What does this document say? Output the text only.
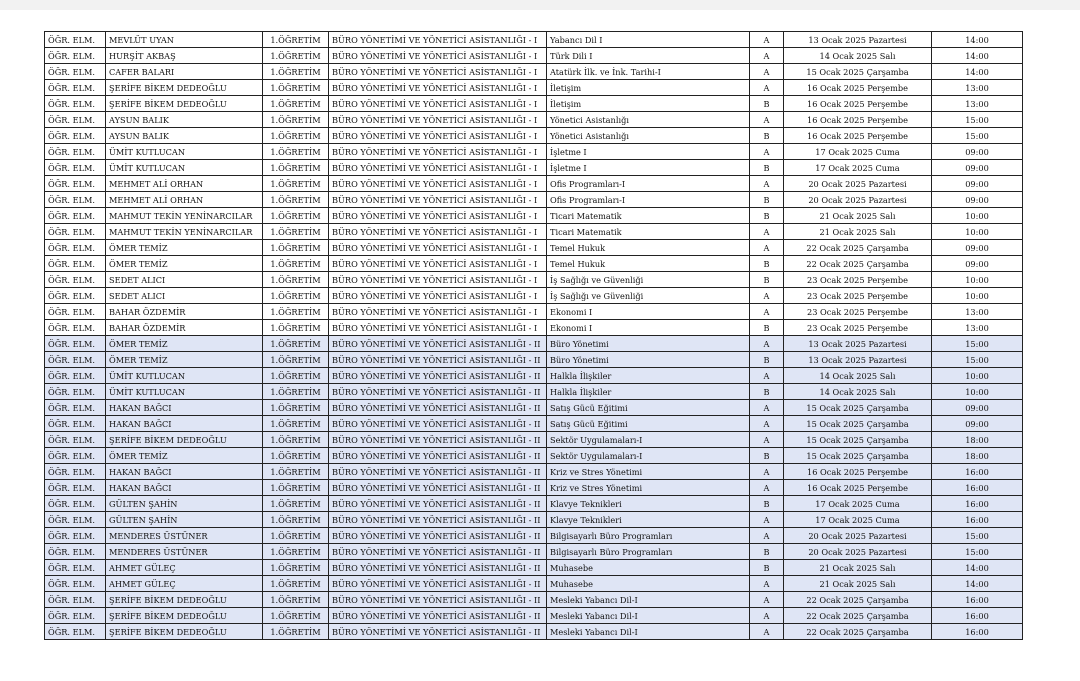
ÖĞR. ELM.	MEVLÜT UYAN	1.ÖĞRETİM	BÜRO YÖNETİMİ VE YÖNETİCİ ASİSTANLIĞI - I	Yabancı Dil I	A	13 Ocak 2025 Pazartesi	14:00
ÖĞR. ELM.	HURŞİT AKBAŞ	1.ÖĞRETİM	BÜRO YÖNETİMİ VE YÖNETİCİ ASİSTANLIĞI - I	Türk Dili I	A	14 Ocak 2025 Salı	14:00
ÖĞR. ELM.	CAFER BALARI	1.ÖĞRETİM	BÜRO YÖNETİMİ VE YÖNETİCİ ASİSTANLIĞI - I	Atatürk İlk. ve İnk. Tarihi-I	A	15 Ocak 2025 Çarşamba	14:00
ÖĞR. ELM.	ŞERİFE BİKEM DEDEOĞLU	1.ÖĞRETİM	BÜRO YÖNETİMİ VE YÖNETİCİ ASİSTANLIĞI - I	İletişim	A	16 Ocak 2025 Perşembe	13:00
ÖĞR. ELM.	ŞERİFE BİKEM DEDEOĞLU	1.ÖĞRETİM	BÜRO YÖNETİMİ VE YÖNETİCİ ASİSTANLIĞI - I	İletişim	B	16 Ocak 2025 Perşembe	13:00
ÖĞR. ELM.	AYSUN BALIK	1.ÖĞRETİM	BÜRO YÖNETİMİ VE YÖNETİCİ ASİSTANLIĞI - I	Yönetici Asistanlığı	A	16 Ocak 2025 Perşembe	15:00
ÖĞR. ELM.	AYSUN BALIK	1.ÖĞRETİM	BÜRO YÖNETİMİ VE YÖNETİCİ ASİSTANLIĞI - I	Yönetici Asistanlığı	B	16 Ocak 2025 Perşembe	15:00
ÖĞR. ELM.	ÜMİT KUTLUCAN	1.ÖĞRETİM	BÜRO YÖNETİMİ VE YÖNETİCİ ASİSTANLIĞI - I	İşletme I	A	17 Ocak 2025 Cuma	09:00
ÖĞR. ELM.	ÜMİT KUTLUCAN	1.ÖĞRETİM	BÜRO YÖNETİMİ VE YÖNETİCİ ASİSTANLIĞI - I	İşletme I	B	17 Ocak 2025 Cuma	09:00
ÖĞR. ELM.	MEHMET ALİ ORHAN	1.ÖĞRETİM	BÜRO YÖNETİMİ VE YÖNETİCİ ASİSTANLIĞI - I	Ofis Programları-I	A	20 Ocak 2025 Pazartesi	09:00
ÖĞR. ELM.	MEHMET ALİ ORHAN	1.ÖĞRETİM	BÜRO YÖNETİMİ VE YÖNETİCİ ASİSTANLIĞI - I	Ofis Programları-I	B	20 Ocak 2025 Pazartesi	09:00
ÖĞR. ELM.	MAHMUT TEKİN YENİNARCILAR	1.ÖĞRETİM	BÜRO YÖNETİMİ VE YÖNETİCİ ASİSTANLIĞI - I	Ticari Matematik	B	21 Ocak 2025 Salı	10:00
ÖĞR. ELM.	MAHMUT TEKİN YENİNARCILAR	1.ÖĞRETİM	BÜRO YÖNETİMİ VE YÖNETİCİ ASİSTANLIĞI - I	Ticari Matematik	A	21 Ocak 2025 Salı	10:00
ÖĞR. ELM.	ÖMER TEMİZ	1.ÖĞRETİM	BÜRO YÖNETİMİ VE YÖNETİCİ ASİSTANLIĞI - I	Temel Hukuk	A	22 Ocak 2025 Çarşamba	09:00
ÖĞR. ELM.	ÖMER TEMİZ	1.ÖĞRETİM	BÜRO YÖNETİMİ VE YÖNETİCİ ASİSTANLIĞI - I	Temel Hukuk	B	22 Ocak 2025 Çarşamba	09:00
ÖĞR. ELM.	SEDET ALICI	1.ÖĞRETİM	BÜRO YÖNETİMİ VE YÖNETİCİ ASİSTANLIĞI - I	İş Sağlığı ve Güvenliği	B	23 Ocak 2025 Perşembe	10:00
ÖĞR. ELM.	SEDET ALICI	1.ÖĞRETİM	BÜRO YÖNETİMİ VE YÖNETİCİ ASİSTANLIĞI - I	İş Sağlığı ve Güvenliği	A	23 Ocak 2025 Perşembe	10:00
ÖĞR. ELM.	BAHAR ÖZDEMİR	1.ÖĞRETİM	BÜRO YÖNETİMİ VE YÖNETİCİ ASİSTANLIĞI - I	Ekonomi I	A	23 Ocak 2025 Perşembe	13:00
ÖĞR. ELM.	BAHAR ÖZDEMİR	1.ÖĞRETİM	BÜRO YÖNETİMİ VE YÖNETİCİ ASİSTANLIĞI - I	Ekonomi I	B	23 Ocak 2025 Perşembe	13:00
ÖĞR. ELM.	ÖMER TEMİZ	1.ÖĞRETİM	BÜRO YÖNETİMİ VE YÖNETİCİ ASİSTANLIĞI - II	Büro Yönetimi	A	13 Ocak 2025 Pazartesi	15:00
ÖĞR. ELM.	ÖMER TEMİZ	1.ÖĞRETİM	BÜRO YÖNETİMİ VE YÖNETİCİ ASİSTANLIĞI - II	Büro Yönetimi	B	13 Ocak 2025 Pazartesi	15:00
ÖĞR. ELM.	ÜMİT KUTLUCAN	1.ÖĞRETİM	BÜRO YÖNETİMİ VE YÖNETİCİ ASİSTANLIĞI - II	Halkla İlişkiler	A	14 Ocak 2025 Salı	10:00
ÖĞR. ELM.	ÜMİT KUTLUCAN	1.ÖĞRETİM	BÜRO YÖNETİMİ VE YÖNETİCİ ASİSTANLIĞI - II	Halkla İlişkiler	B	14 Ocak 2025 Salı	10:00
ÖĞR. ELM.	HAKAN BAĞCI	1.ÖĞRETİM	BÜRO YÖNETİMİ VE YÖNETİCİ ASİSTANLIĞI - II	Satış Gücü Eğitimi	A	15 Ocak 2025 Çarşamba	09:00
ÖĞR. ELM.	HAKAN BAĞCI	1.ÖĞRETİM	BÜRO YÖNETİMİ VE YÖNETİCİ ASİSTANLIĞI - II	Satış Gücü Eğitimi	A	15 Ocak 2025 Çarşamba	09:00
ÖĞR. ELM.	ŞERİFE BİKEM DEDEOĞLU	1.ÖĞRETİM	BÜRO YÖNETİMİ VE YÖNETİCİ ASİSTANLIĞI - II	Sektör Uygulamaları-I	A	15 Ocak 2025 Çarşamba	18:00
ÖĞR. ELM.	ÖMER TEMİZ	1.ÖĞRETİM	BÜRO YÖNETİMİ VE YÖNETİCİ ASİSTANLIĞI - II	Sektör Uygulamaları-I	B	15 Ocak 2025 Çarşamba	18:00
ÖĞR. ELM.	HAKAN BAĞCI	1.ÖĞRETİM	BÜRO YÖNETİMİ VE YÖNETİCİ ASİSTANLIĞI - II	Kriz ve Stres Yönetimi	A	16 Ocak 2025 Perşembe	16:00
ÖĞR. ELM.	HAKAN BAĞCI	1.ÖĞRETİM	BÜRO YÖNETİMİ VE YÖNETİCİ ASİSTANLIĞI - II	Kriz ve Stres Yönetimi	A	16 Ocak 2025 Perşembe	16:00
ÖĞR. ELM.	GÜLTEN ŞAHİN	1.ÖĞRETİM	BÜRO YÖNETİMİ VE YÖNETİCİ ASİSTANLIĞI - II	Klavye Teknikleri	B	17 Ocak 2025 Cuma	16:00
ÖĞR. ELM.	GÜLTEN ŞAHİN	1.ÖĞRETİM	BÜRO YÖNETİMİ VE YÖNETİCİ ASİSTANLIĞI - II	Klavye Teknikleri	A	17 Ocak 2025 Cuma	16:00
ÖĞR. ELM.	MENDERES ÜSTÜNER	1.ÖĞRETİM	BÜRO YÖNETİMİ VE YÖNETİCİ ASİSTANLIĞI - II	Bilgisayarlı Büro Programları	A	20 Ocak 2025 Pazartesi	15:00
ÖĞR. ELM.	MENDERES ÜSTÜNER	1.ÖĞRETİM	BÜRO YÖNETİMİ VE YÖNETİCİ ASİSTANLIĞI - II	Bilgisayarlı Büro Programları	B	20 Ocak 2025 Pazartesi	15:00
ÖĞR. ELM.	AHMET GÜLEÇ	1.ÖĞRETİM	BÜRO YÖNETİMİ VE YÖNETİCİ ASİSTANLIĞI - II	Muhasebe	B	21 Ocak 2025 Salı	14:00
ÖĞR. ELM.	AHMET GÜLEÇ	1.ÖĞRETİM	BÜRO YÖNETİMİ VE YÖNETİCİ ASİSTANLIĞI - II	Muhasebe	A	21 Ocak 2025 Salı	14:00
ÖĞR. ELM.	ŞERİFE BİKEM DEDEOĞLU	1.ÖĞRETİM	BÜRO YÖNETİMİ VE YÖNETİCİ ASİSTANLIĞI - II	Mesleki Yabancı Dil-I	A	22 Ocak 2025 Çarşamba	16:00
ÖĞR. ELM.	ŞERİFE BİKEM DEDEOĞLU	1.ÖĞRETİM	BÜRO YÖNETİMİ VE YÖNETİCİ ASİSTANLIĞI - II	Mesleki Yabancı Dil-I	A	22 Ocak 2025 Çarşamba	16:00
ÖĞR. ELM.	ŞERİFE BİKEM DEDEOĞLU	1.ÖĞRETİM	BÜRO YÖNETİMİ VE YÖNETİCİ ASİSTANLIĞI - II	Mesleki Yabancı Dil-I	A	22 Ocak 2025 Çarşamba	16:00
